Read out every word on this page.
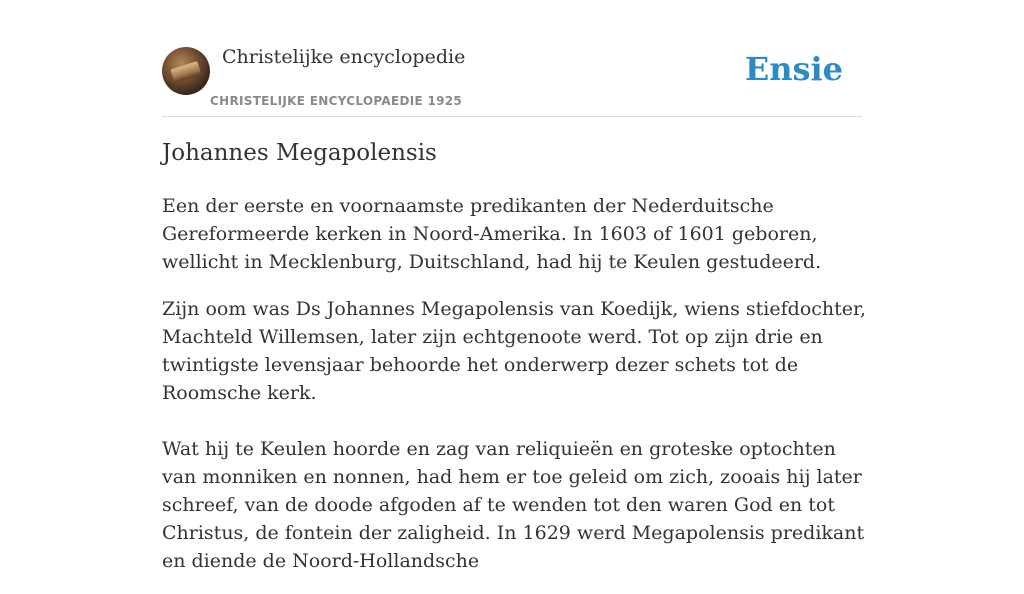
Christelijke encyclopedie
CHRISTELIJKE ENCYCLOPAEDIE 1925
Ensie
Johannes Megapolensis

Een der eerste en voornaamste predikanten der Nederduitsche Gereformeerde kerken in Noord-Amerika. In 1603 of 1601 geboren, wellicht in Mecklenburg, Duitschland, had hij te Keulen gestudeerd.

Zijn oom was Ds Johannes Megapolensis van Koedijk, wiens stiefdochter, Machteld Willemsen, later zijn echtgenoote werd. Tot op zijn drie en twintigste levensjaar behoorde het onderwerp dezer schets tot de Roomsche kerk.

Wat hij te Keulen hoorde en zag van reliquieën en groteske optochten van monniken en nonnen, had hem er toe geleid om zich, zooais hij later schreef, van de doode afgoden af te wenden tot den waren God en tot Christus, de fontein der zaligheid. In 1629 werd Megapolensis predikant en diende de Noord-Hollandsche
